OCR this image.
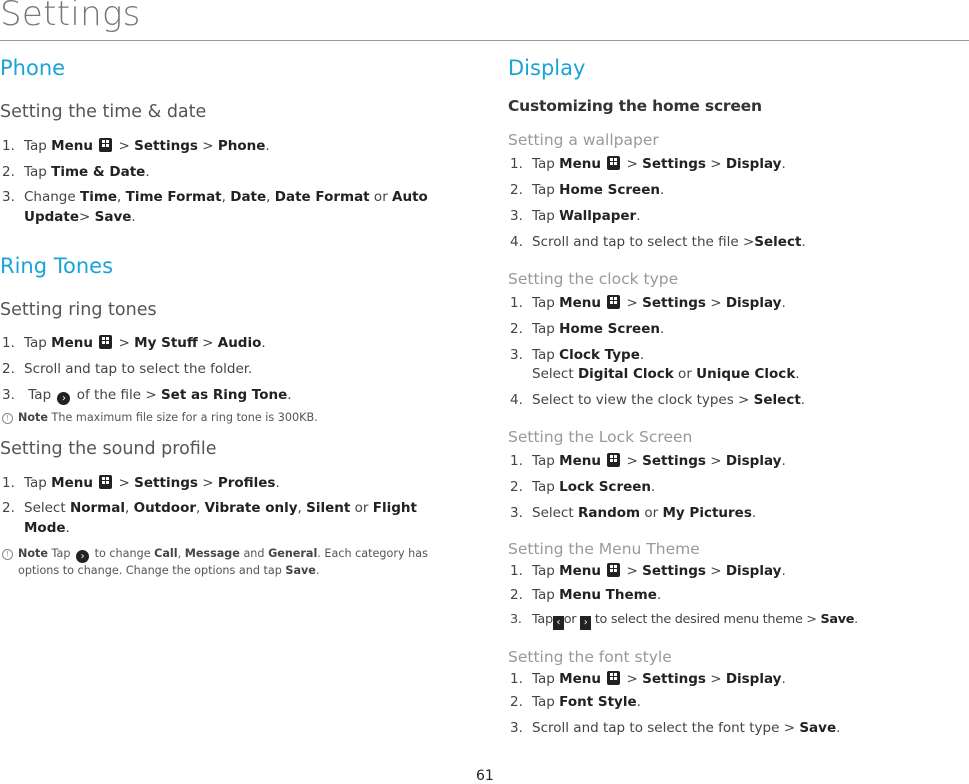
Settings
Phone
Setting the time & date
1. Tap Menu  > Settings > Phone.
2. Tap Time & Date.
3. Change Time, Time Format, Date, Date Format or Auto
Update> Save.
Ring Tones
Setting ring tones
1. Tap Menu  > My Stuff > Audio.
2. Scroll and tap to select the folder.
3. Tap › of the file > Set as Ring Tone.
! Note The maximum file size for a ring tone is 300KB.
Setting the sound profile
1. Tap Menu  > Settings > Profiles.
2. Select Normal, Outdoor, Vibrate only, Silent or Flight
Mode.
! Note Tap › to change Call, Message and General. Each category has
options to change. Change the options and tap Save.
Display
Customizing the home screen
Setting a wallpaper
1. Tap Menu  > Settings > Display.
2. Tap Home Screen.
3. Tap Wallpaper.
4. Scroll and tap to select the file >Select.
Setting the clock type
1. Tap Menu  > Settings > Display.
2. Tap Home Screen.
3. Tap Clock Type.
Select Digital Clock or Unique Clock.
4. Select to view the clock types > Select.
Setting the Lock Screen
1. Tap Menu  > Settings > Display.
2. Tap Lock Screen.
3. Select Random or My Pictures.
Setting the Menu Theme
1. Tap Menu  > Settings > Display.
2. Tap Menu Theme.
3. Tap ‹ or › to select the desired menu theme > Save.
Setting the font style
1. Tap Menu  > Settings > Display.
2. Tap Font Style.
3. Scroll and tap to select the font type > Save.
61
